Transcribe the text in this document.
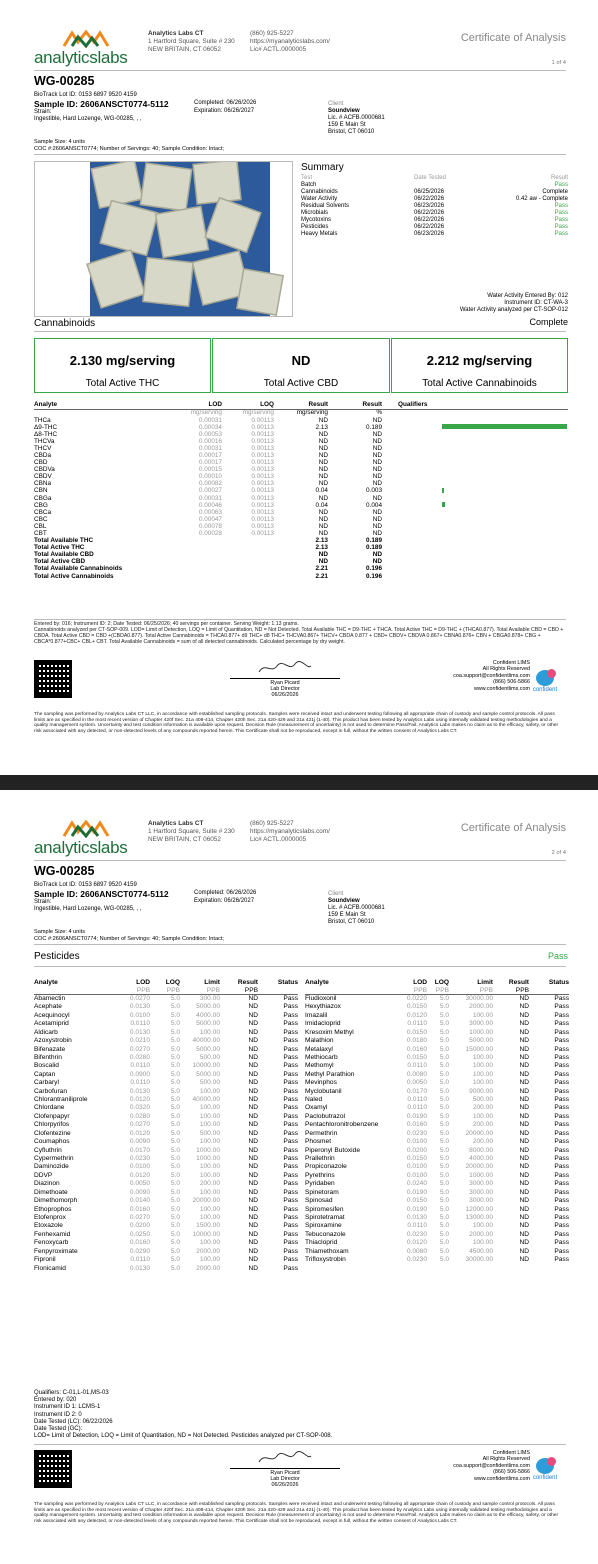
analyticslabs
Analytics Labs CT
1 Hartford Square, Suite # 230
NEW BRITAIN, CT 06052
(860) 925-5227
https://myanalyticslabs.com/
Lic# ACTL.0000005
Certificate of Analysis
1 of 4
WG-00285
BioTrack Lot ID: 0153 6897 9520 4159
Sample ID: 2606ANSCT0774-5112	Completed: 06/26/2026
Expiration: 06/26/2027
Strain:
Ingestible, Hard Lozenge, WG-00285, , ,
Client
Soundview
Lic. # ACFB.0000681
159 E Main St
Bristol, CT 06010
Sample Size: 4 units
COC #:2606ANSCT0774; Number of Servings: 40; Sample Condition: Intact;
Summary
Test	Date Tested	Result
Batch	Pass
Cannabinoids	06/25/2026	Complete
Water Activity	06/22/2026	0.42 aw - Complete
Residual Solvents	06/23/2026	Pass
Microbials	06/22/2026	Pass
Mycotoxins	06/22/2026	Pass
Pesticides	06/22/2026	Pass
Heavy Metals	06/23/2026	Pass
Water Activity Entered By: 012
Instrument ID: CT-WA-3
Water Activity analyzed per CT-SOP-012
Cannabinoids	Complete
2.130 mg/serving
Total Active THC
ND
Total Active CBD
2.212 mg/serving
Total Active Cannabinoids
Analyte	LOD	LOQ	Result	Result	Qualifiers
	mg/serving	mg/serving	mg/serving	%	
THCa	0.00031	0.00113	ND	ND	
Δ9-THC	0.00034	0.00113	2.13	0.189	
Δ8-THC	0.00053	0.00113	ND	ND	
THCVa	0.00016	0.00113	ND	ND	
THCV	0.00031	0.00113	ND	ND	
CBDa	0.00017	0.00113	ND	ND	
CBD	0.00017	0.00113	ND	ND	
CBDVa	0.00015	0.00113	ND	ND	
CBDV	0.00010	0.00113	ND	ND	
CBNa	0.00082	0.00113	ND	ND	
CBN	0.00027	0.00113	0.04	0.003	
CBGa	0.00031	0.00113	ND	ND	
CBG	0.00046	0.00113	0.04	0.004	
CBCa	0.00063	0.00113	ND	ND	
CBC	0.00047	0.00113	ND	ND	
CBL	0.00078	0.00113	ND	ND	
CBT	0.00028	0.00113	ND	ND	
Total Available THC			2.13	0.189	
Total Active THC			2.13	0.189	
Total Available CBD			ND	ND	
Total Active CBD			ND	ND	
Total Available Cannabinoids			2.21	0.196	
Total Active Cannabinoids			2.21	0.196	
Entered by: 016; Instrument ID: 2; Date Tested: 06/25/2026; 40 servings per container. Serving Weight: 1.13 grams.
Cannabinoids analyzed per CT-SOP-009. LOD= Limit of Detection, LOQ = Limit of Quantitation, ND = Not Detected. Total Available THC = D9-THC + THCA. Total Active THC = D9-THC + (THCA0.877). Total Available CBD = CBD + CBDA. Total Active CBD = CBD +(CBDA0.877). Total Active Cannabinoids = THCA0.877+ d9 THC+ d8 THC+ THCVA0.867+ THCV+ CBDA 0.877 + CBD+ CBDV+ CBDVA 0.867+ CBNA0.876+ CBN + CBGA0.878+ CBG + CBCA*0.877+CBC+ CBL+ CBT. Total Available Cannabinoids = sum of all detected cannabinoids. Calculated percentage by dry weight.
Ryan Picard
Lab Director
06/26/2026
Confident LIMS
All Rights Reserved
coa.support@confidentlims.com
(866) 506-5866
www.confidentlims.com confident
The sampling was performed by Analytics Labs CT LLC, in accordance with established sampling protocols. Samples were received intact and underwent testing following all appropriate chain of custody and sample control protocols. All pass limits are as specified in the most recent version of Chapter 420f Sec. 21a 408-414, Chapter 420h Sec. 21a 420-429 and 21a 421j (1-40). This product has been tested by Analytics Labs using internally validated testing methodologies and a quality management system. Uncertainty and test condition information is available upon request. Decision Rule (measurement of uncertainty) is not used to determine Pass/Fail. Analytics Labs makes no claim as to the efficacy, safety, or other risk associated with any detected, or non-detected levels of any compounds reported herein. This Certificate shall not be reproduced, except in full, without the written consent of Analytics Labs CT.
analyticslabs
Analytics Labs CT
1 Hartford Square, Suite # 230
NEW BRITAIN, CT 06052
(860) 925-5227
https://myanalyticslabs.com/
Lic# ACTL.0000005
Certificate of Analysis
2 of 4
WG-00285
BioTrack Lot ID: 0153 6897 9520 4159
Sample ID: 2606ANSCT0774-5112	Completed: 06/26/2026
Expiration: 06/26/2027
Strain:
Ingestible, Hard Lozenge, WG-00285, , ,
Client
Soundview
Lic. # ACFB.0000681
159 E Main St
Bristol, CT 06010
Sample Size: 4 units
COC #:2606ANSCT0774; Number of Servings: 40; Sample Condition: Intact;
Pesticides	Pass
Analyte	LOD	LOQ	Limit	Result	Status
	PPB	PPB	PPB	PPB	
Abamectin	0.0270	5.0	300.00	ND	Pass
Acephate	0.0130	5.0	5000.00	ND	Pass
Acequinocyl	0.0100	5.0	4000.00	ND	Pass
Acetamiprid	0.0110	5.0	5000.00	ND	Pass
Aldicarb	0.0130	5.0	100.00	ND	Pass
Azoxystrobin	0.0210	5.0	40000.00	ND	Pass
Bifenazate	0.0270	5.0	5000.00	ND	Pass
Bifenthrin	0.0280	5.0	500.00	ND	Pass
Boscalid	0.0110	5.0	10000.00	ND	Pass
Captan	0.0900	5.0	5000.00	ND	Pass
Carbaryl	0.0110	5.0	500.00	ND	Pass
Carbofuran	0.0130	5.0	100.00	ND	Pass
Chlorantraniliprole	0.0120	5.0	40000.00	ND	Pass
Chlordane	0.0320	5.0	100.00	ND	Pass
Clofenpapyr	0.0280	5.0	100.00	ND	Pass
Chlorpyrifos	0.0270	5.0	100.00	ND	Pass
Clofentezine	0.0120	5.0	500.00	ND	Pass
Coumaphos	0.0090	5.0	100.00	ND	Pass
Cyfluthrin	0.0170	5.0	1000.00	ND	Pass
Cypermethrin	0.0230	5.0	1000.00	ND	Pass
Daminozide	0.0100	5.0	100.00	ND	Pass
DDVP	0.0120	5.0	100.00	ND	Pass
Diazinon	0.0050	5.0	200.00	ND	Pass
Dimethoate	0.0090	5.0	100.00	ND	Pass
Dimethomorph	0.0140	5.0	20000.00	ND	Pass
Ethoprophos	0.0160	5.0	100.00	ND	Pass
Etofenprox	0.0270	5.0	100.00	ND	Pass
Etoxazole	0.0200	5.0	1500.00	ND	Pass
Fenhexamid	0.0250	5.0	10000.00	ND	Pass
Fenoxycarb	0.0160	5.0	100.00	ND	Pass
Fenpyroximate	0.0290	5.0	2000.00	ND	Pass
Fipronil	0.0110	5.0	100.00	ND	Pass
Flonicamid	0.0130	5.0	2000.00	ND	Pass
Analyte	LOD	LOQ	Limit	Result	Status
	PPB	PPB	PPB	PPB	
Fludioxonil	0.0220	5.0	30000.00	ND	Pass
Hexythiazox	0.0150	5.0	2000.00	ND	Pass
Imazalil	0.0120	5.0	100.00	ND	Pass
Imidacloprid	0.0110	5.0	3000.00	ND	Pass
Kresoxim Methyl	0.0150	5.0	1000.00	ND	Pass
Malathion	0.0180	5.0	5000.00	ND	Pass
Metalaxyl	0.0160	5.0	15000.00	ND	Pass
Methiocarb	0.0150	5.0	100.00	ND	Pass
Methomyl	0.0110	5.0	100.00	ND	Pass
Methyl Parathion	0.0080	5.0	100.00	ND	Pass
Mevinphos	0.0050	5.0	100.00	ND	Pass
Myclobutanil	0.0170	5.0	9000.00	ND	Pass
Naled	0.0110	5.0	500.00	ND	Pass
Oxamyl	0.0110	5.0	200.00	ND	Pass
Paclobutrazol	0.0190	5.0	100.00	ND	Pass
Pentachloronitrobenzene	0.0160	5.0	200.00	ND	Pass
Permethrin	0.0230	5.0	20000.00	ND	Pass
Phosmet	0.0100	5.0	200.00	ND	Pass
Piperonyl Butoxide	0.0200	5.0	8000.00	ND	Pass
Prallethrin	0.0150	5.0	4000.00	ND	Pass
Propiconazole	0.0100	5.0	20000.00	ND	Pass
Pyrethrins	0.0100	5.0	1000.00	ND	Pass
Pyridaben	0.0240	5.0	3000.00	ND	Pass
Spinetoram	0.0190	5.0	3000.00	ND	Pass
Spinosad	0.0150	5.0	3000.00	ND	Pass
Spiromesifen	0.0190	5.0	12000.00	ND	Pass
Spirotetramat	0.0130	5.0	13000.00	ND	Pass
Spiroxamine	0.0110	5.0	100.00	ND	Pass
Tebuconazole	0.0230	5.0	2000.00	ND	Pass
Thiacloprid	0.0120	5.0	100.00	ND	Pass
Thiamethoxam	0.0080	5.0	4500.00	ND	Pass
Trifloxystrobin	0.0230	5.0	30000.00	ND	Pass
Qualifiers: C-01,L-01,MS-03
Entered by: 020
Instrument ID 1: LCMS-1
Instrument ID 2: 0
Date Tested (LC): 06/22/2026
Date Tested (GC):
LOD= Limit of Detection, LOQ = Limit of Quantitation, ND = Not Detected. Pesticides analyzed per CT-SOP-008.
Ryan Picard
Lab Director
06/26/2026
Confident LIMS
All Rights Reserved
coa.support@confidentlims.com
(866) 506-5866
www.confidentlims.com confident
The sampling was performed by Analytics Labs CT LLC, in accordance with established sampling protocols. Samples were received intact and underwent testing following all appropriate chain of custody and sample control protocols. All pass limits are as specified in the most recent version of Chapter 420f Sec. 21a 408-414, Chapter 420h Sec. 21a 420-429 and 21a 421j (1-40). This product has been tested by Analytics Labs using internally validated testing methodologies and a quality management system. Uncertainty and test condition information is available upon request. Decision Rule (measurement of uncertainty) is not used to determine Pass/Fail. Analytics Labs makes no claim as to the efficacy, safety, or other risk associated with any detected, or non-detected levels of any compounds reported herein. This Certificate shall not be reproduced, except in full, without the written consent of Analytics Labs CT.
